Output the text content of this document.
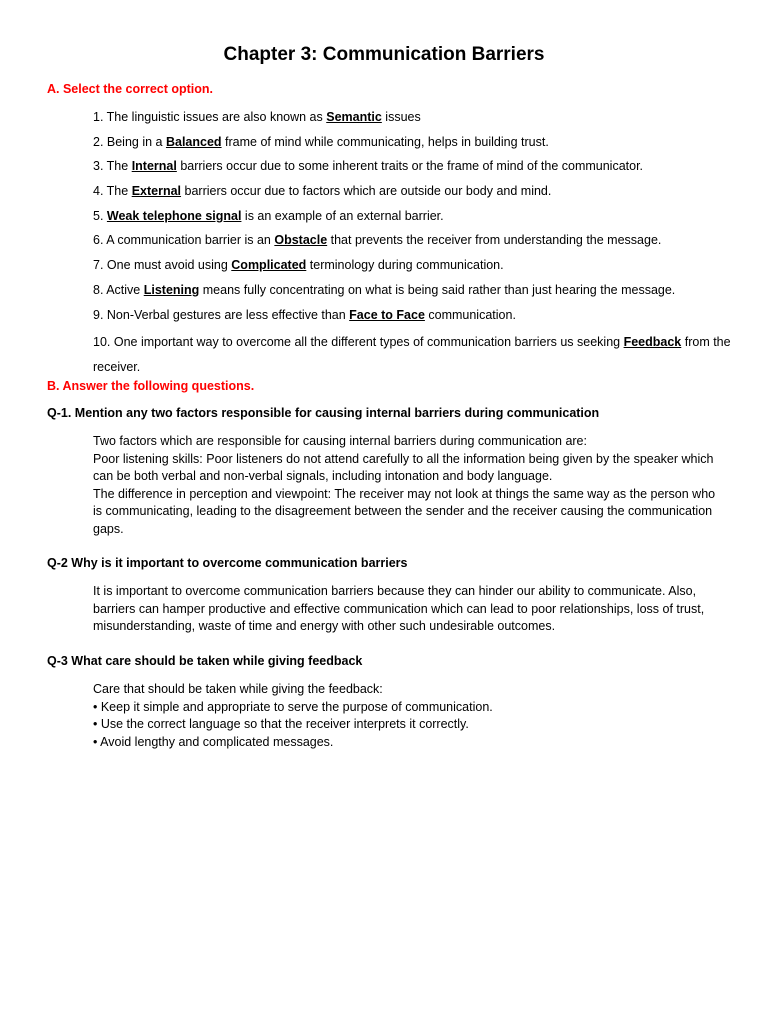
Chapter 3: Communication Barriers
A. Select the correct option.
1. The linguistic issues are also known as Semantic issues
2. Being in a Balanced frame of mind while communicating, helps in building trust.
3. The Internal barriers occur due to some inherent traits or the frame of mind of the communicator.
4. The External barriers occur due to factors which are outside our body and mind.
5. Weak telephone signal is an example of an external barrier.
6. A communication barrier is an Obstacle that prevents the receiver from understanding the message.
7. One must avoid using Complicated terminology during communication.
8. Active Listening means fully concentrating on what is being said rather than just hearing the message.
9. Non-Verbal gestures are less effective than Face to Face communication.
10. One important way to overcome all the different types of communication barriers us seeking Feedback from the receiver.
B. Answer the following questions.
Q-1. Mention any two factors responsible for causing internal barriers during communication

Two factors which are responsible for causing internal barriers during communication are:

Poor listening skills: Poor listeners do not attend carefully to all the information being given by the speaker which can be both verbal and non-verbal signals, including intonation and body language.

The difference in perception and viewpoint: The receiver may not look at things the same way as the person who is communicating, leading to the disagreement between the sender and the receiver causing the communication gaps.

Q-2 Why is it important to overcome communication barriers

It is important to overcome communication barriers because they can hinder our ability to communicate. Also, barriers can hamper productive and effective communication which can lead to poor relationships, loss of trust, misunderstanding, waste of time and energy with other such undesirable outcomes.

Q-3 What care should be taken while giving feedback

Care that should be taken while giving the feedback:

• Keep it simple and appropriate to serve the purpose of communication.

• Use the correct language so that the receiver interprets it correctly.

• Avoid lengthy and complicated messages.
